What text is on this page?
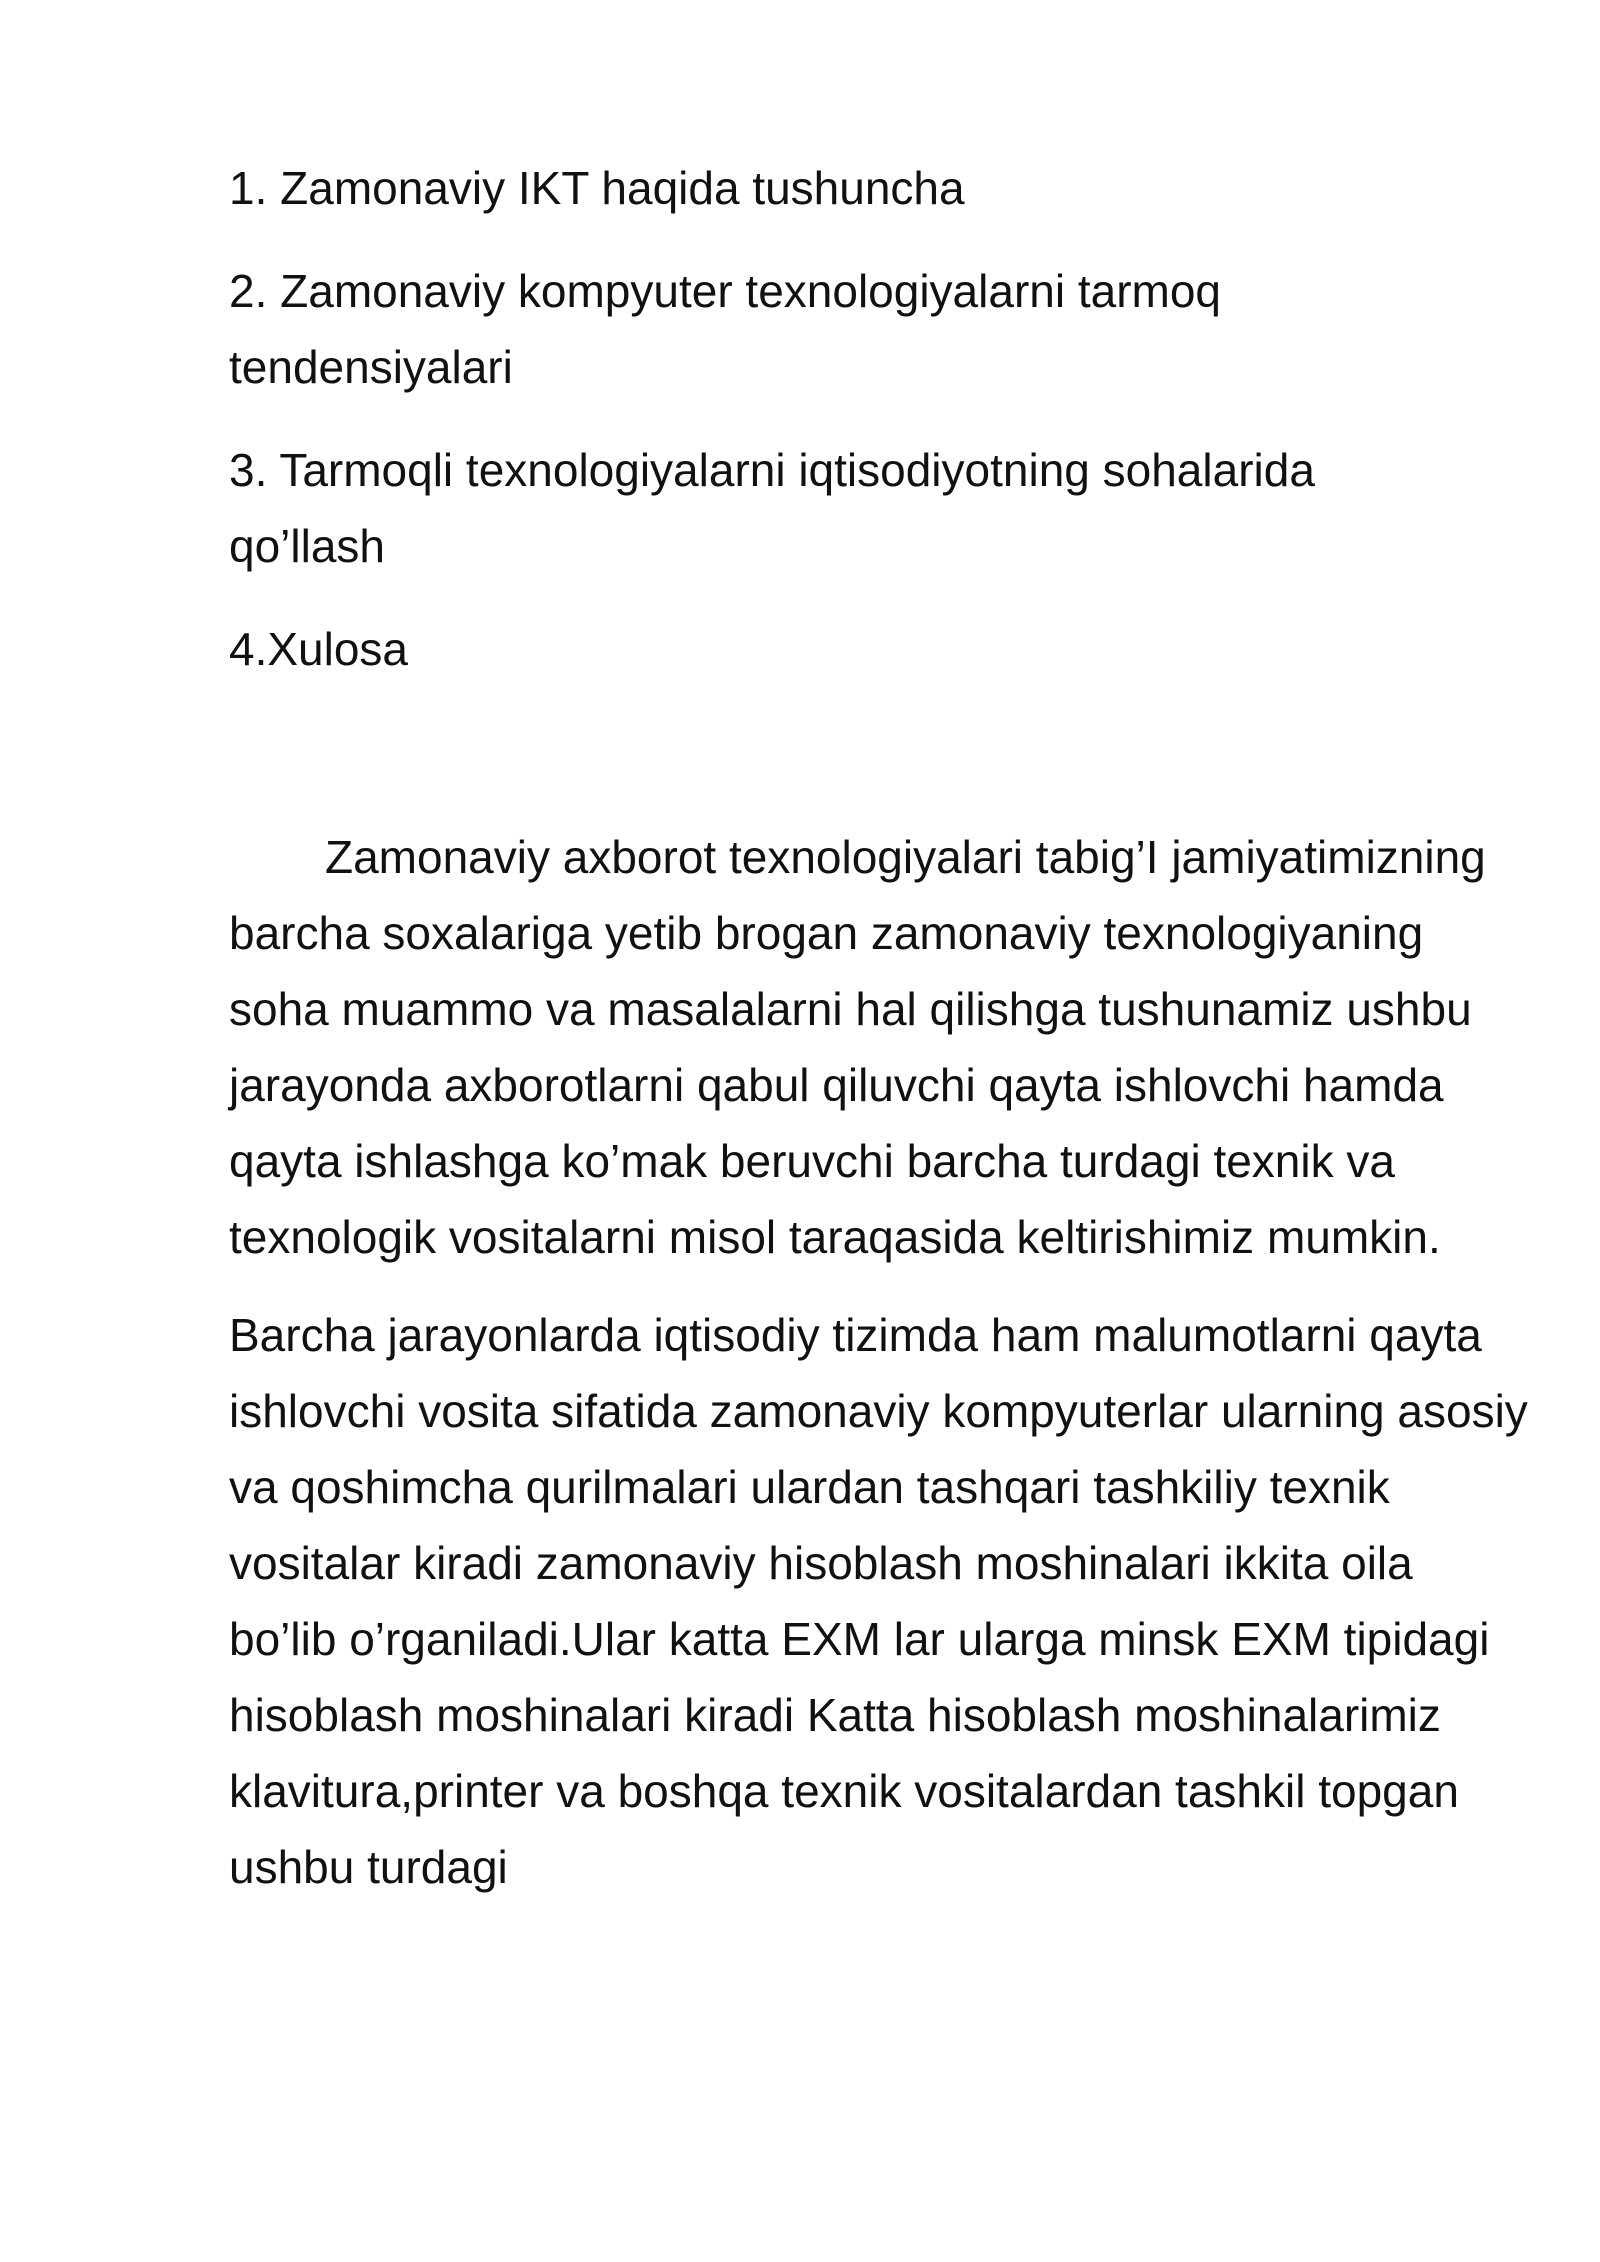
1. Zamonaviy IKT haqida tushuncha

2. Zamonaviy kompyuter texnologiyalarni tarmoq tendensiyalari

3. Tarmoqli texnologiyalarni iqtisodiyotning sohalarida qo’llash

4.Xulosa

Zamonaviy axborot texnologiyalari tabig’I jamiyatimizning barcha soxalariga yetib brogan zamonaviy texnologiyaning soha muammo va masalalarni hal qilishga tushunamiz ushbu jarayonda axborotlarni qabul qiluvchi qayta ishlovchi hamda qayta ishlashga ko’mak beruvchi barcha turdagi texnik va texnologik vositalarni misol taraqasida keltirishimiz mumkin.

Barcha jarayonlarda iqtisodiy tizimda ham malumotlarni qayta ishlovchi vosita sifatida zamonaviy kompyuterlar ularning asosiy va qoshimcha qurilmalari ulardan tashqari tashkiliy texnik vositalar kiradi zamonaviy hisoblash moshinalari ikkita oila bo’lib o’rganiladi.Ular katta EXM lar ularga minsk EXM tipidagi hisoblash moshinalari kiradi Katta hisoblash moshinalarimiz klavitura,printer va boshqa texnik vositalardan tashkil topgan ushbu turdagi
